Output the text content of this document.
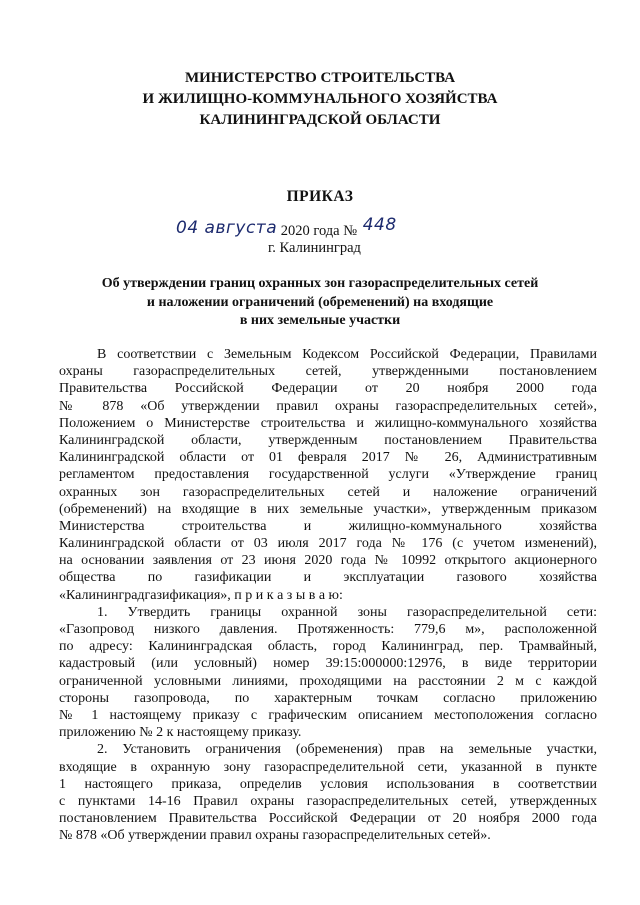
МИНИСТЕРСТВО СТРОИТЕЛЬСТВА
И ЖИЛИЩНО-КОММУНАЛЬНОГО ХОЗЯЙСТВА
КАЛИНИНГРАДСКОЙ ОБЛАСТИ
ПРИКАЗ
04 августа 2020 года № 448
г. Калининград
Об утверждении границ охранных зон газораспределительных сетей
и наложении ограничений (обременений) на входящие
в них земельные участки
В соответствии с Земельным Кодексом Российской Федерации, Правилами
охраны газораспределительных сетей, утвержденными постановлением
Правительства Российской Федерации от 20 ноября 2000 года
№ 878 «Об утверждении правил охраны газораспределительных сетей»,
Положением о Министерстве строительства и жилищно-коммунального хозяйства
Калининградской области, утвержденным постановлением Правительства
Калининградской области от 01 февраля 2017 № 26, Административным
регламентом предоставления государственной услуги «Утверждение границ
охранных зон газораспределительных сетей и наложение ограничений
(обременений) на входящие в них земельные участки», утвержденным приказом
Министерства строительства и жилищно-коммунального хозяйства
Калининградской области от 03 июля 2017 года № 176 (с учетом изменений),
на основании заявления от 23 июня 2020 года № 10992 открытого акционерного
общества по газификации и эксплуатации газового хозяйства
«Калининградгазификация», п р и к а з ы в а ю:
1. Утвердить границы охранной зоны газораспределительной сети:
«Газопровод низкого давления. Протяженность: 779,6 м», расположенной
по адресу: Калининградская область, город Калининград, пер. Трамвайный,
кадастровый (или условный) номер 39:15:000000:12976, в виде территории
ограниченной условными линиями, проходящими на расстоянии 2 м с каждой
стороны газопровода, по характерным точкам согласно приложению
№ 1 настоящему приказу с графическим описанием местоположения согласно
приложению № 2 к настоящему приказу.
2. Установить ограничения (обременения) прав на земельные участки,
входящие в охранную зону газораспределительной сети, указанной в пункте
1 настоящего приказа, определив условия использования в соответствии
с пунктами 14-16 Правил охраны газораспределительных сетей, утвержденных
постановлением Правительства Российской Федерации от 20 ноября 2000 года
№ 878 «Об утверждении правил охраны газораспределительных сетей».
